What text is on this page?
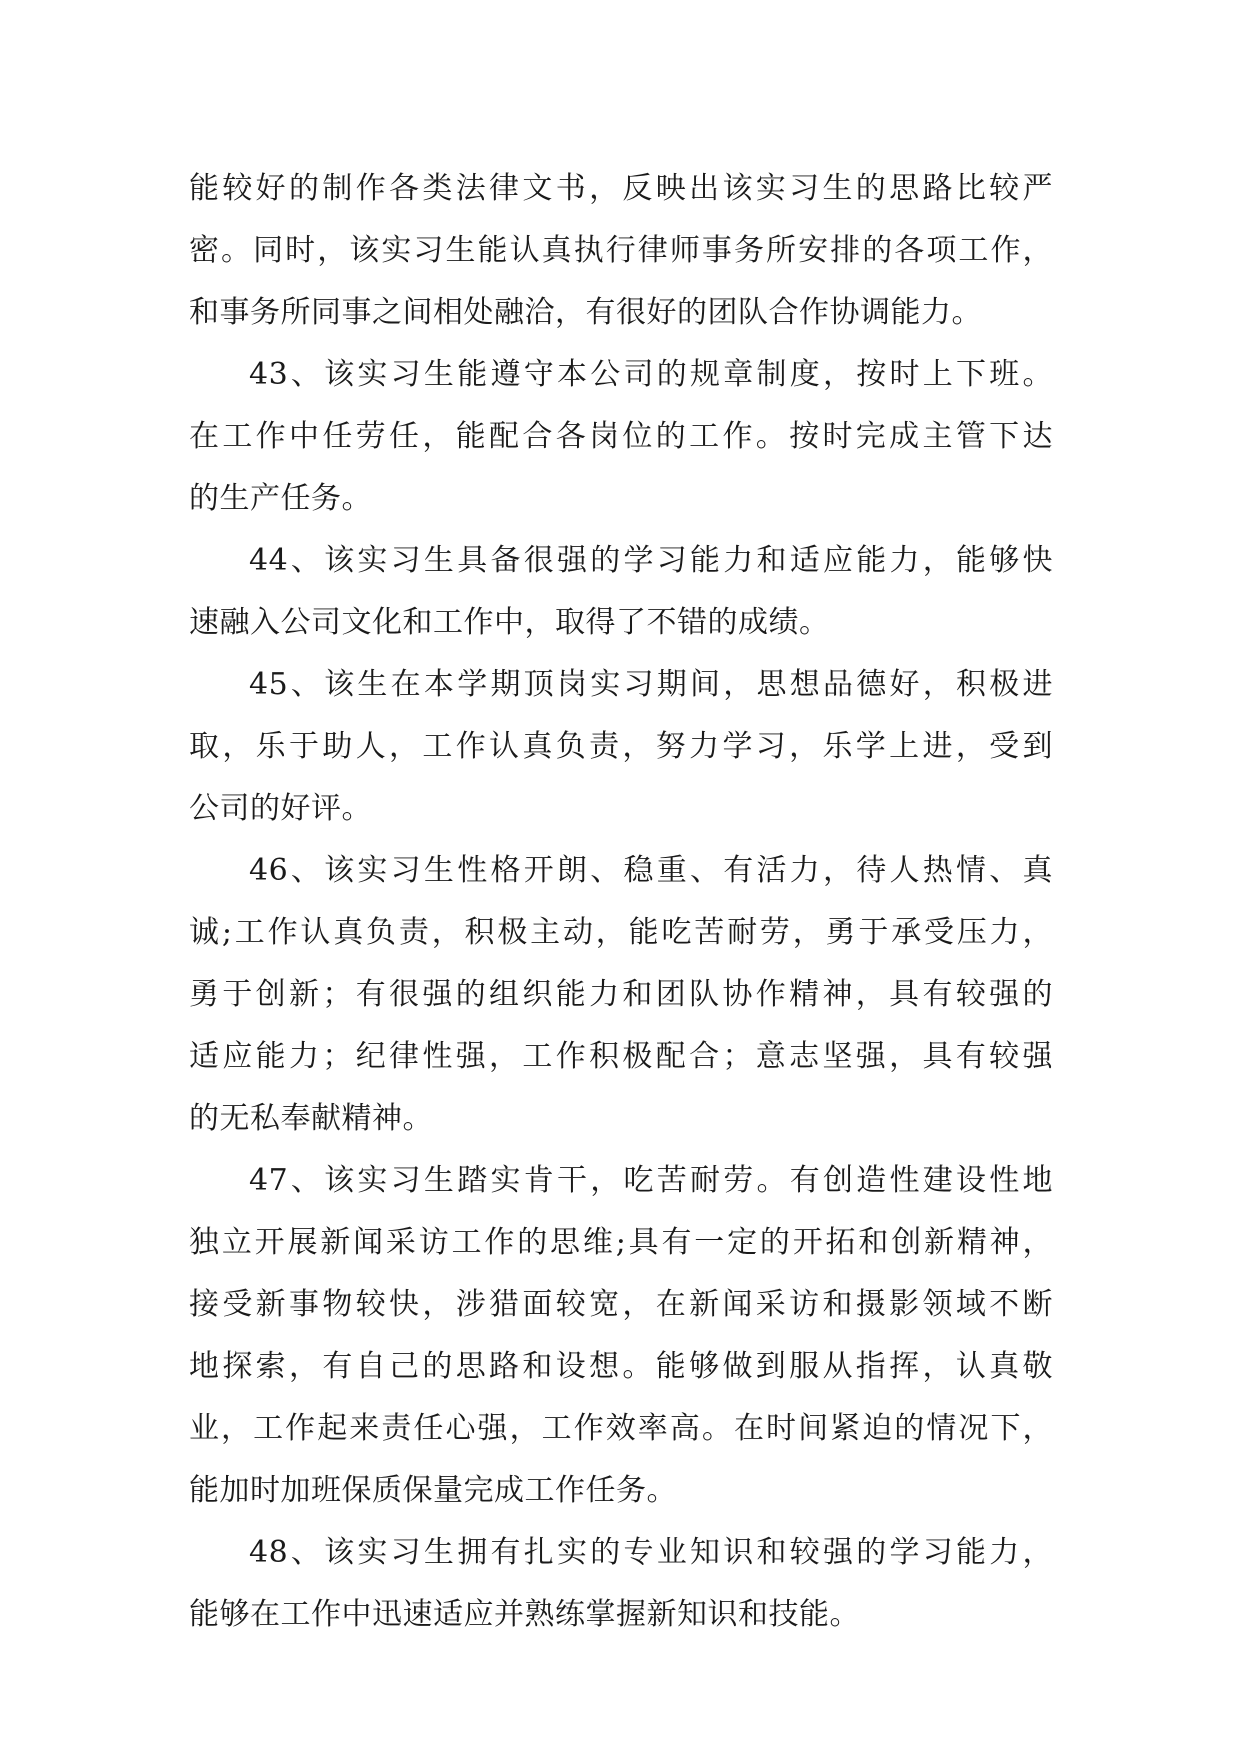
能较好的制作各类法律文书，反映出该实习生的思路比较严
密。同时，该实习生能认真执行律师事务所安排的各项工作，
和事务所同事之间相处融洽，有很好的团队合作协调能力。
43、该实习生能遵守本公司的规章制度，按时上下班。
在工作中任劳任，能配合各岗位的工作。按时完成主管下达
的生产任务。
44、该实习生具备很强的学习能力和适应能力，能够快
速融入公司文化和工作中，取得了不错的成绩。
45、该生在本学期顶岗实习期间，思想品德好，积极进
取，乐于助人，工作认真负责，努力学习，乐学上进，受到
公司的好评。
46、该实习生性格开朗、稳重、有活力，待人热情、真
诚;工作认真负责，积极主动，能吃苦耐劳，勇于承受压力，
勇于创新；有很强的组织能力和团队协作精神，具有较强的
适应能力；纪律性强，工作积极配合；意志坚强，具有较强
的无私奉献精神。
47、该实习生踏实肯干，吃苦耐劳。有创造性建设性地
独立开展新闻采访工作的思维;具有一定的开拓和创新精神，
接受新事物较快，涉猎面较宽，在新闻采访和摄影领域不断
地探索，有自己的思路和设想。能够做到服从指挥，认真敬
业，工作起来责任心强，工作效率高。在时间紧迫的情况下，
能加时加班保质保量完成工作任务。
48、该实习生拥有扎实的专业知识和较强的学习能力，
能够在工作中迅速适应并熟练掌握新知识和技能。
